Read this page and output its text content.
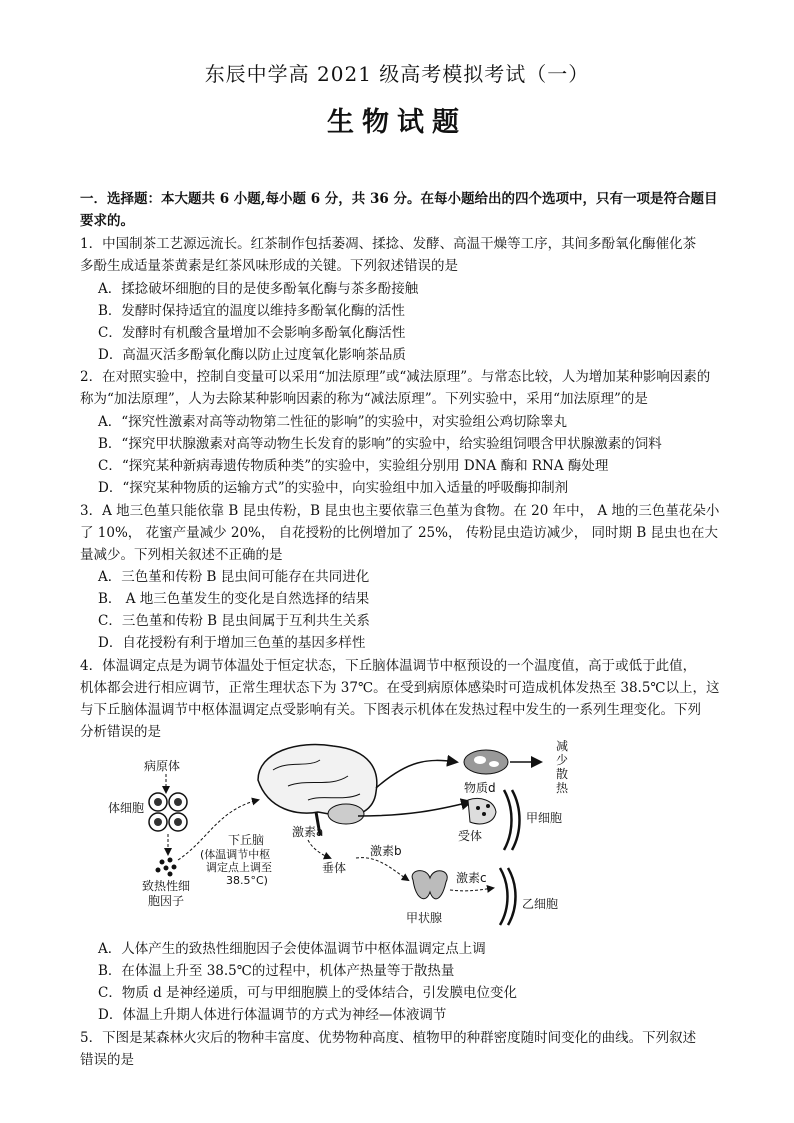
东辰中学高 2021 级高考模拟考试（一）
生物试题
一．选择题：本大题共 6 小题,每小题 6 分，共 36 分。在每小题给出的四个选项中，只有一项是符合题目
要求的。
1．中国制茶工艺源远流长。红茶制作包括萎凋、揉捻、发酵、高温干燥等工序，其间多酚氧化酶催化茶
多酚生成适量茶黄素是红茶风味形成的关键。下列叙述错误的是
A．揉捻破坏细胞的目的是使多酚氧化酶与茶多酚接触
B．发酵时保持适宜的温度以维持多酚氧化酶的活性
C．发酵时有机酸含量增加不会影响多酚氧化酶活性
D．高温灭活多酚氧化酶以防止过度氧化影响茶品质
2．在对照实验中，控制自变量可以采用“加法原理”或“减法原理”。与常态比较，人为增加某种影响因素的
称为“加法原理”，人为去除某种影响因素的称为“减法原理”。下列实验中，采用“加法原理”的是
A．“探究性激素对高等动物第二性征的影响”的实验中，对实验组公鸡切除睾丸
B．“探究甲状腺激素对高等动物生长发育的影响”的实验中，给实验组饲喂含甲状腺激素的饲料
C．“探究某种新病毒遗传物质种类”的实验中，实验组分别用 DNA 酶和 RNA 酶处理
D．“探究某种物质的运输方式”的实验中，向实验组中加入适量的呼吸酶抑制剂
3．A 地三色堇只能依靠 B 昆虫传粉，B 昆虫也主要依靠三色堇为食物。在 20 年中， A 地的三色堇花朵小
了 10%， 花蜜产量减少 20%， 自花授粉的比例增加了 25%， 传粉昆虫造访减少， 同时期 B 昆虫也在大
量减少。下列相关叙述不正确的是
A．三色堇和传粉 B 昆虫间可能存在共同进化
B． A 地三色堇发生的变化是自然选择的结果
C．三色堇和传粉 B 昆虫间属于互利共生关系
D．自花授粉有利于增加三色堇的基因多样性
4．体温调定点是为调节体温处于恒定状态，下丘脑体温调节中枢预设的一个温度值，高于或低于此值，
机体都会进行相应调节，正常生理状态下为 37℃。在受到病原体感染时可造成机体发热至 38.5℃以上，这
与下丘脑体温调节中枢体温调定点受影响有关。下图表示机体在发热过程中发生的一系列生理变化。下列
分析错误的是
病原体
体细胞
致热性细
胞因子
下丘脑
(体温调节中枢
调定点上调至
38.5°C)
激素a
垂体
激素b
甲状腺
激素c
乙细胞
减
少
散
热
物质d
受体
甲细胞
A．人体产生的致热性细胞因子会使体温调节中枢体温调定点上调
B．在体温上升至 38.5℃的过程中，机体产热量等于散热量
C．物质 d 是神经递质，可与甲细胞膜上的受体结合，引发膜电位变化
D．体温上升期人体进行体温调节的方式为神经—体液调节
5．下图是某森林火灾后的物种丰富度、优势物种高度、植物甲的种群密度随时间变化的曲线。下列叙述
错误的是
